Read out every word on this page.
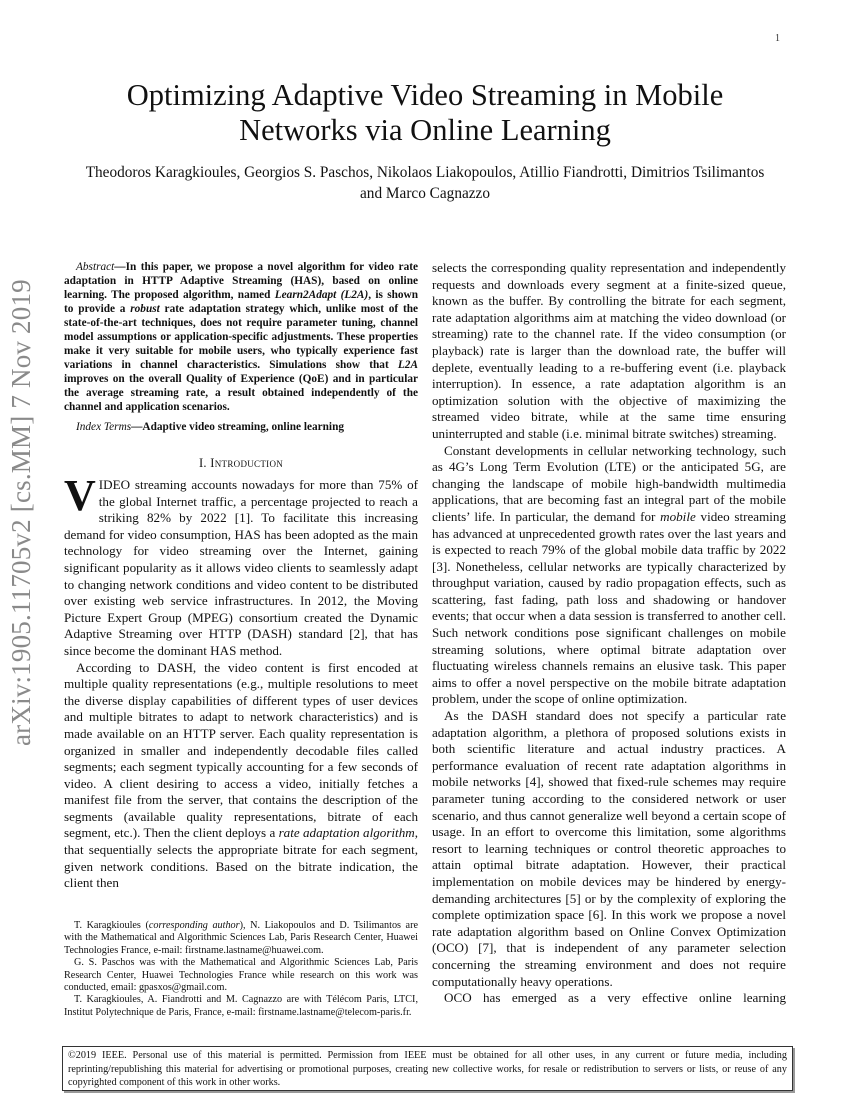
1
Optimizing Adaptive Video Streaming in Mobile
Networks via Online Learning
Theodoros Karagkioules, Georgios S. Paschos, Nikolaos Liakopoulos, Atillio Fiandrotti, Dimitrios Tsilimantos
and Marco Cagnazzo
arXiv:1905.11705v2 [cs.MM] 7 Nov 2019

Abstract—In this paper, we propose a novel algorithm for video rate adaptation in HTTP Adaptive Streaming (HAS), based on online learning. The proposed algorithm, named Learn2Adapt (L2A), is shown to provide a robust rate adaptation strategy which, unlike most of the state-of-the-art techniques, does not require parameter tuning, channel model assumptions or application-specific adjustments. These properties make it very suitable for mobile users, who typically experience fast variations in channel characteristics. Simulations show that L2A improves on the overall Quality of Experience (QoE) and in particular the average streaming rate, a result obtained independently of the channel and application scenarios.

Index Terms—Adaptive video streaming, online learning

I. Introduction

VIDEO streaming accounts nowadays for more than 75% of the global Internet traffic, a percentage projected to reach a striking 82% by 2022 [1]. To facilitate this increasing demand for video consumption, HAS has been adopted as the main technology for video streaming over the Internet, gaining significant popularity as it allows video clients to seamlessly adapt to changing network conditions and video content to be distributed over existing web service infrastructures. In 2012, the Moving Picture Expert Group (MPEG) consortium created the Dynamic Adaptive Streaming over HTTP (DASH) standard [2], that has since become the dominant HAS method.

According to DASH, the video content is first encoded at multiple quality representations (e.g., multiple resolutions to meet the diverse display capabilities of different types of user devices and multiple bitrates to adapt to network characteristics) and is made available on an HTTP server. Each quality representation is organized in smaller and independently decodable files called segments; each segment typically accounting for a few seconds of video. A client desiring to access a video, initially fetches a manifest file from the server, that contains the description of the segments (available quality representations, bitrate of each segment, etc.). Then the client deploys a rate adaptation algorithm, that sequentially selects the appropriate bitrate for each segment, given network conditions. Based on the bitrate indication, the client then

T. Karagkioules (corresponding author), N. Liakopoulos and D. Tsilimantos are with the Mathematical and Algorithmic Sciences Lab, Paris Research Center, Huawei Technologies France, e-mail: firstname.lastname@huawei.com.

G. S. Paschos was with the Mathematical and Algorithmic Sciences Lab, Paris Research Center, Huawei Technologies France while research on this work was conducted, email: gpasxos@gmail.com.

T. Karagkioules, A. Fiandrotti and M. Cagnazzo are with Télécom Paris, LTCI, Institut Polytechnique de Paris, France, e-mail: firstname.lastname@telecom-paris.fr.

selects the corresponding quality representation and independently requests and downloads every segment at a finite-sized queue, known as the buffer. By controlling the bitrate for each segment, rate adaptation algorithms aim at matching the video download (or streaming) rate to the channel rate. If the video consumption (or playback) rate is larger than the download rate, the buffer will deplete, eventually leading to a re-buffering event (i.e. playback interruption). In essence, a rate adaptation algorithm is an optimization solution with the objective of maximizing the streamed video bitrate, while at the same time ensuring uninterrupted and stable (i.e. minimal bitrate switches) streaming.

Constant developments in cellular networking technology, such as 4G’s Long Term Evolution (LTE) or the anticipated 5G, are changing the landscape of mobile high-bandwidth multimedia applications, that are becoming fast an integral part of the mobile clients’ life. In particular, the demand for mobile video streaming has advanced at unprecedented growth rates over the last years and is expected to reach 79% of the global mobile data traffic by 2022 [3]. Nonetheless, cellular networks are typically characterized by throughput variation, caused by radio propagation effects, such as scattering, fast fading, path loss and shadowing or handover events; that occur when a data session is transferred to another cell. Such network conditions pose significant challenges on mobile streaming solutions, where optimal bitrate adaptation over fluctuating wireless channels remains an elusive task. This paper aims to offer a novel perspective on the mobile bitrate adaptation problem, under the scope of online optimization.

As the DASH standard does not specify a particular rate adaptation algorithm, a plethora of proposed solutions exists in both scientific literature and actual industry practices. A performance evaluation of recent rate adaptation algorithms in mobile networks [4], showed that fixed-rule schemes may require parameter tuning according to the considered network or user scenario, and thus cannot generalize well beyond a certain scope of usage. In an effort to overcome this limitation, some algorithms resort to learning techniques or control theoretic approaches to attain optimal bitrate adaptation. However, their practical implementation on mobile devices may be hindered by energy-demanding architectures [5] or by the complexity of exploring the complete optimization space [6]. In this work we propose a novel rate adaptation algorithm based on Online Convex Optimization (OCO) [7], that is independent of any parameter selection concerning the streaming environment and does not require computationally heavy operations.

OCO has emerged as a very effective online learning

©2019 IEEE. Personal use of this material is permitted. Permission from IEEE must be obtained for all other uses, in any current or future media, including reprinting/republishing this material for advertising or promotional purposes, creating new collective works, for resale or redistribution to servers or lists, or reuse of any copyrighted component of this work in other works.
